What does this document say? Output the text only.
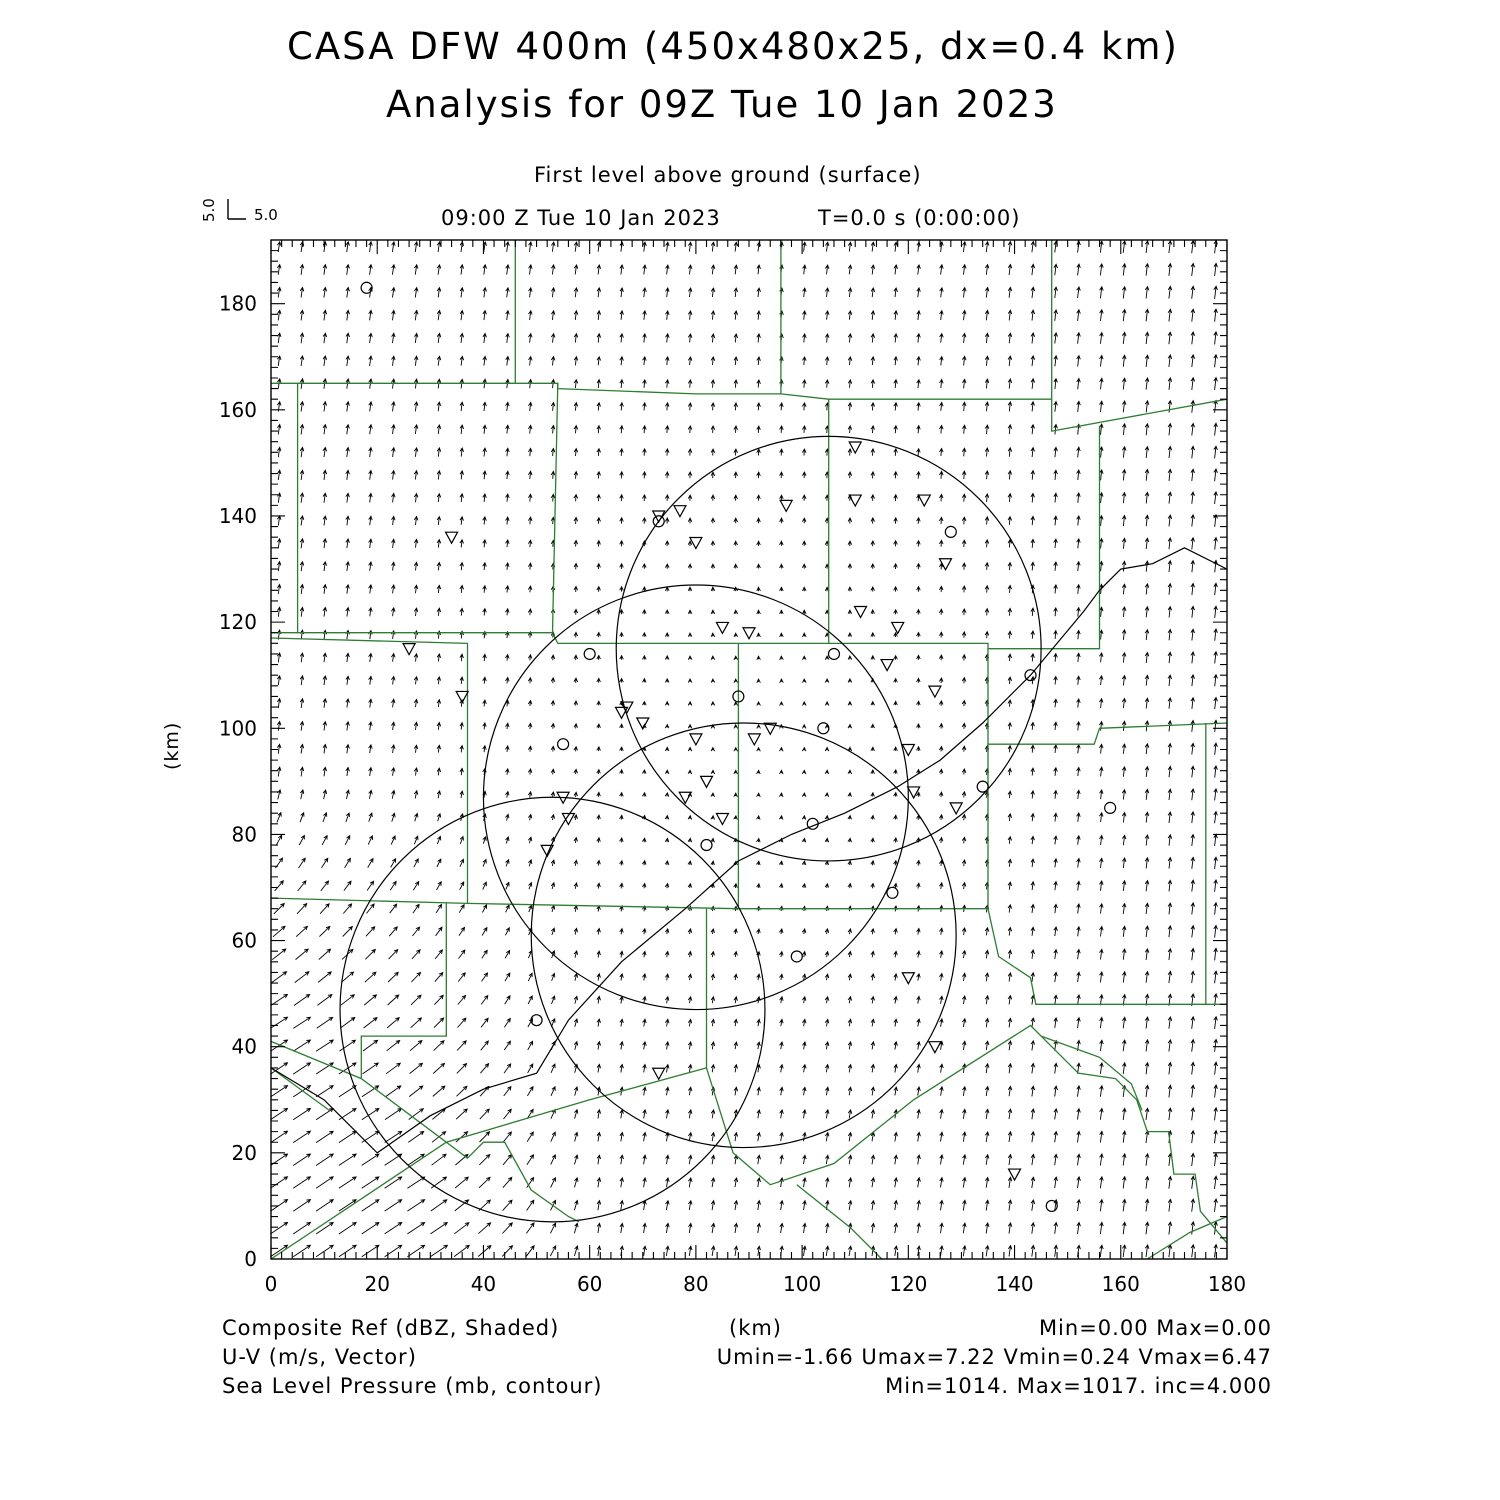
CASA DFW 400m (450x480x25, dx=0.4 km)
Analysis for 09Z Tue 10 Jan 2023
First level above ground (surface)
09:00 Z Tue 10 Jan 2023	T=0.0 s (0:00:00)
0	20	40	60	80	100	120	140	160	180
0
20
40
60
80
100
120
140
160
180
5.0
5.0
(km)
Composite Ref (dBZ, Shaded)	(km)	Min=0.00 Max=0.00
U-V (m/s, Vector)	Umin=-1.66 Umax=7.22 Vmin=0.24 Vmax=6.47
Sea Level Pressure (mb, contour)	Min=1014. Max=1017. inc=4.000
